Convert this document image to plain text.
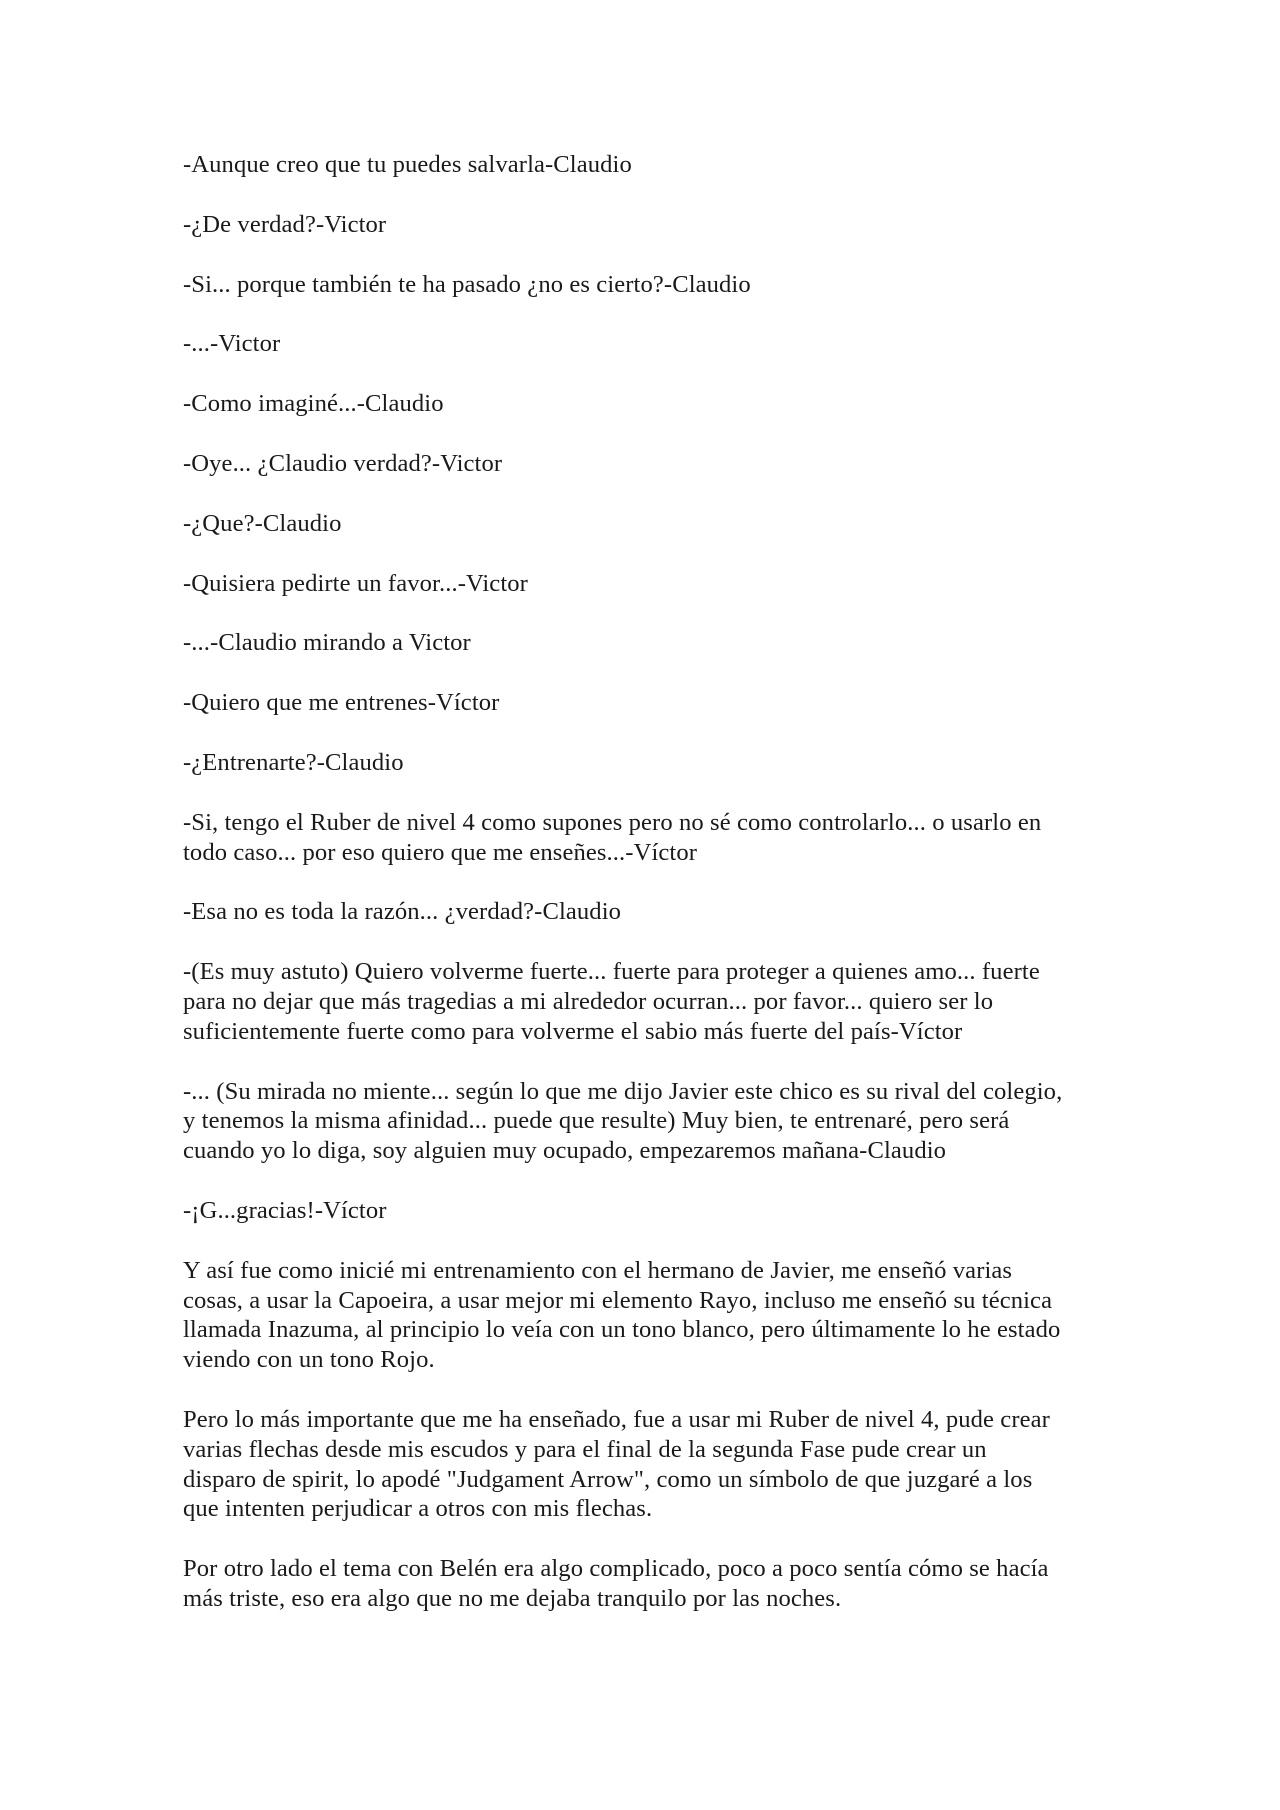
-Aunque creo que tu puedes salvarla-Claudio

-¿De verdad?-Victor

-Si... porque también te ha pasado ¿no es cierto?-Claudio

-...-Victor

-Como imaginé...-Claudio

-Oye... ¿Claudio verdad?-Victor

-¿Que?-Claudio

-Quisiera pedirte un favor...-Victor

-...-Claudio mirando a Victor

-Quiero que me entrenes-Víctor

-¿Entrenarte?-Claudio

-Si, tengo el Ruber de nivel 4 como supones pero no sé como controlarlo... o usarlo en
todo caso... por eso quiero que me enseñes...-Víctor

-Esa no es toda la razón... ¿verdad?-Claudio

-(Es muy astuto) Quiero volverme fuerte... fuerte para proteger a quienes amo... fuerte
para no dejar que más tragedias a mi alrededor ocurran... por favor... quiero ser lo
suficientemente fuerte como para volverme el sabio más fuerte del país-Víctor

-... (Su mirada no miente... según lo que me dijo Javier este chico es su rival del colegio,
y tenemos la misma afinidad... puede que resulte) Muy bien, te entrenaré, pero será
cuando yo lo diga, soy alguien muy ocupado, empezaremos mañana-Claudio

-¡G...gracias!-Víctor

Y así fue como inicié mi entrenamiento con el hermano de Javier, me enseñó varias
cosas, a usar la Capoeira, a usar mejor mi elemento Rayo, incluso me enseñó su técnica
llamada Inazuma, al principio lo veía con un tono blanco, pero últimamente lo he estado
viendo con un tono Rojo.

Pero lo más importante que me ha enseñado, fue a usar mi Ruber de nivel 4, pude crear
varias flechas desde mis escudos y para el final de la segunda Fase pude crear un
disparo de spirit, lo apodé "Judgament Arrow", como un símbolo de que juzgaré a los
que intenten perjudicar a otros con mis flechas.

Por otro lado el tema con Belén era algo complicado, poco a poco sentía cómo se hacía
más triste, eso era algo que no me dejaba tranquilo por las noches.
